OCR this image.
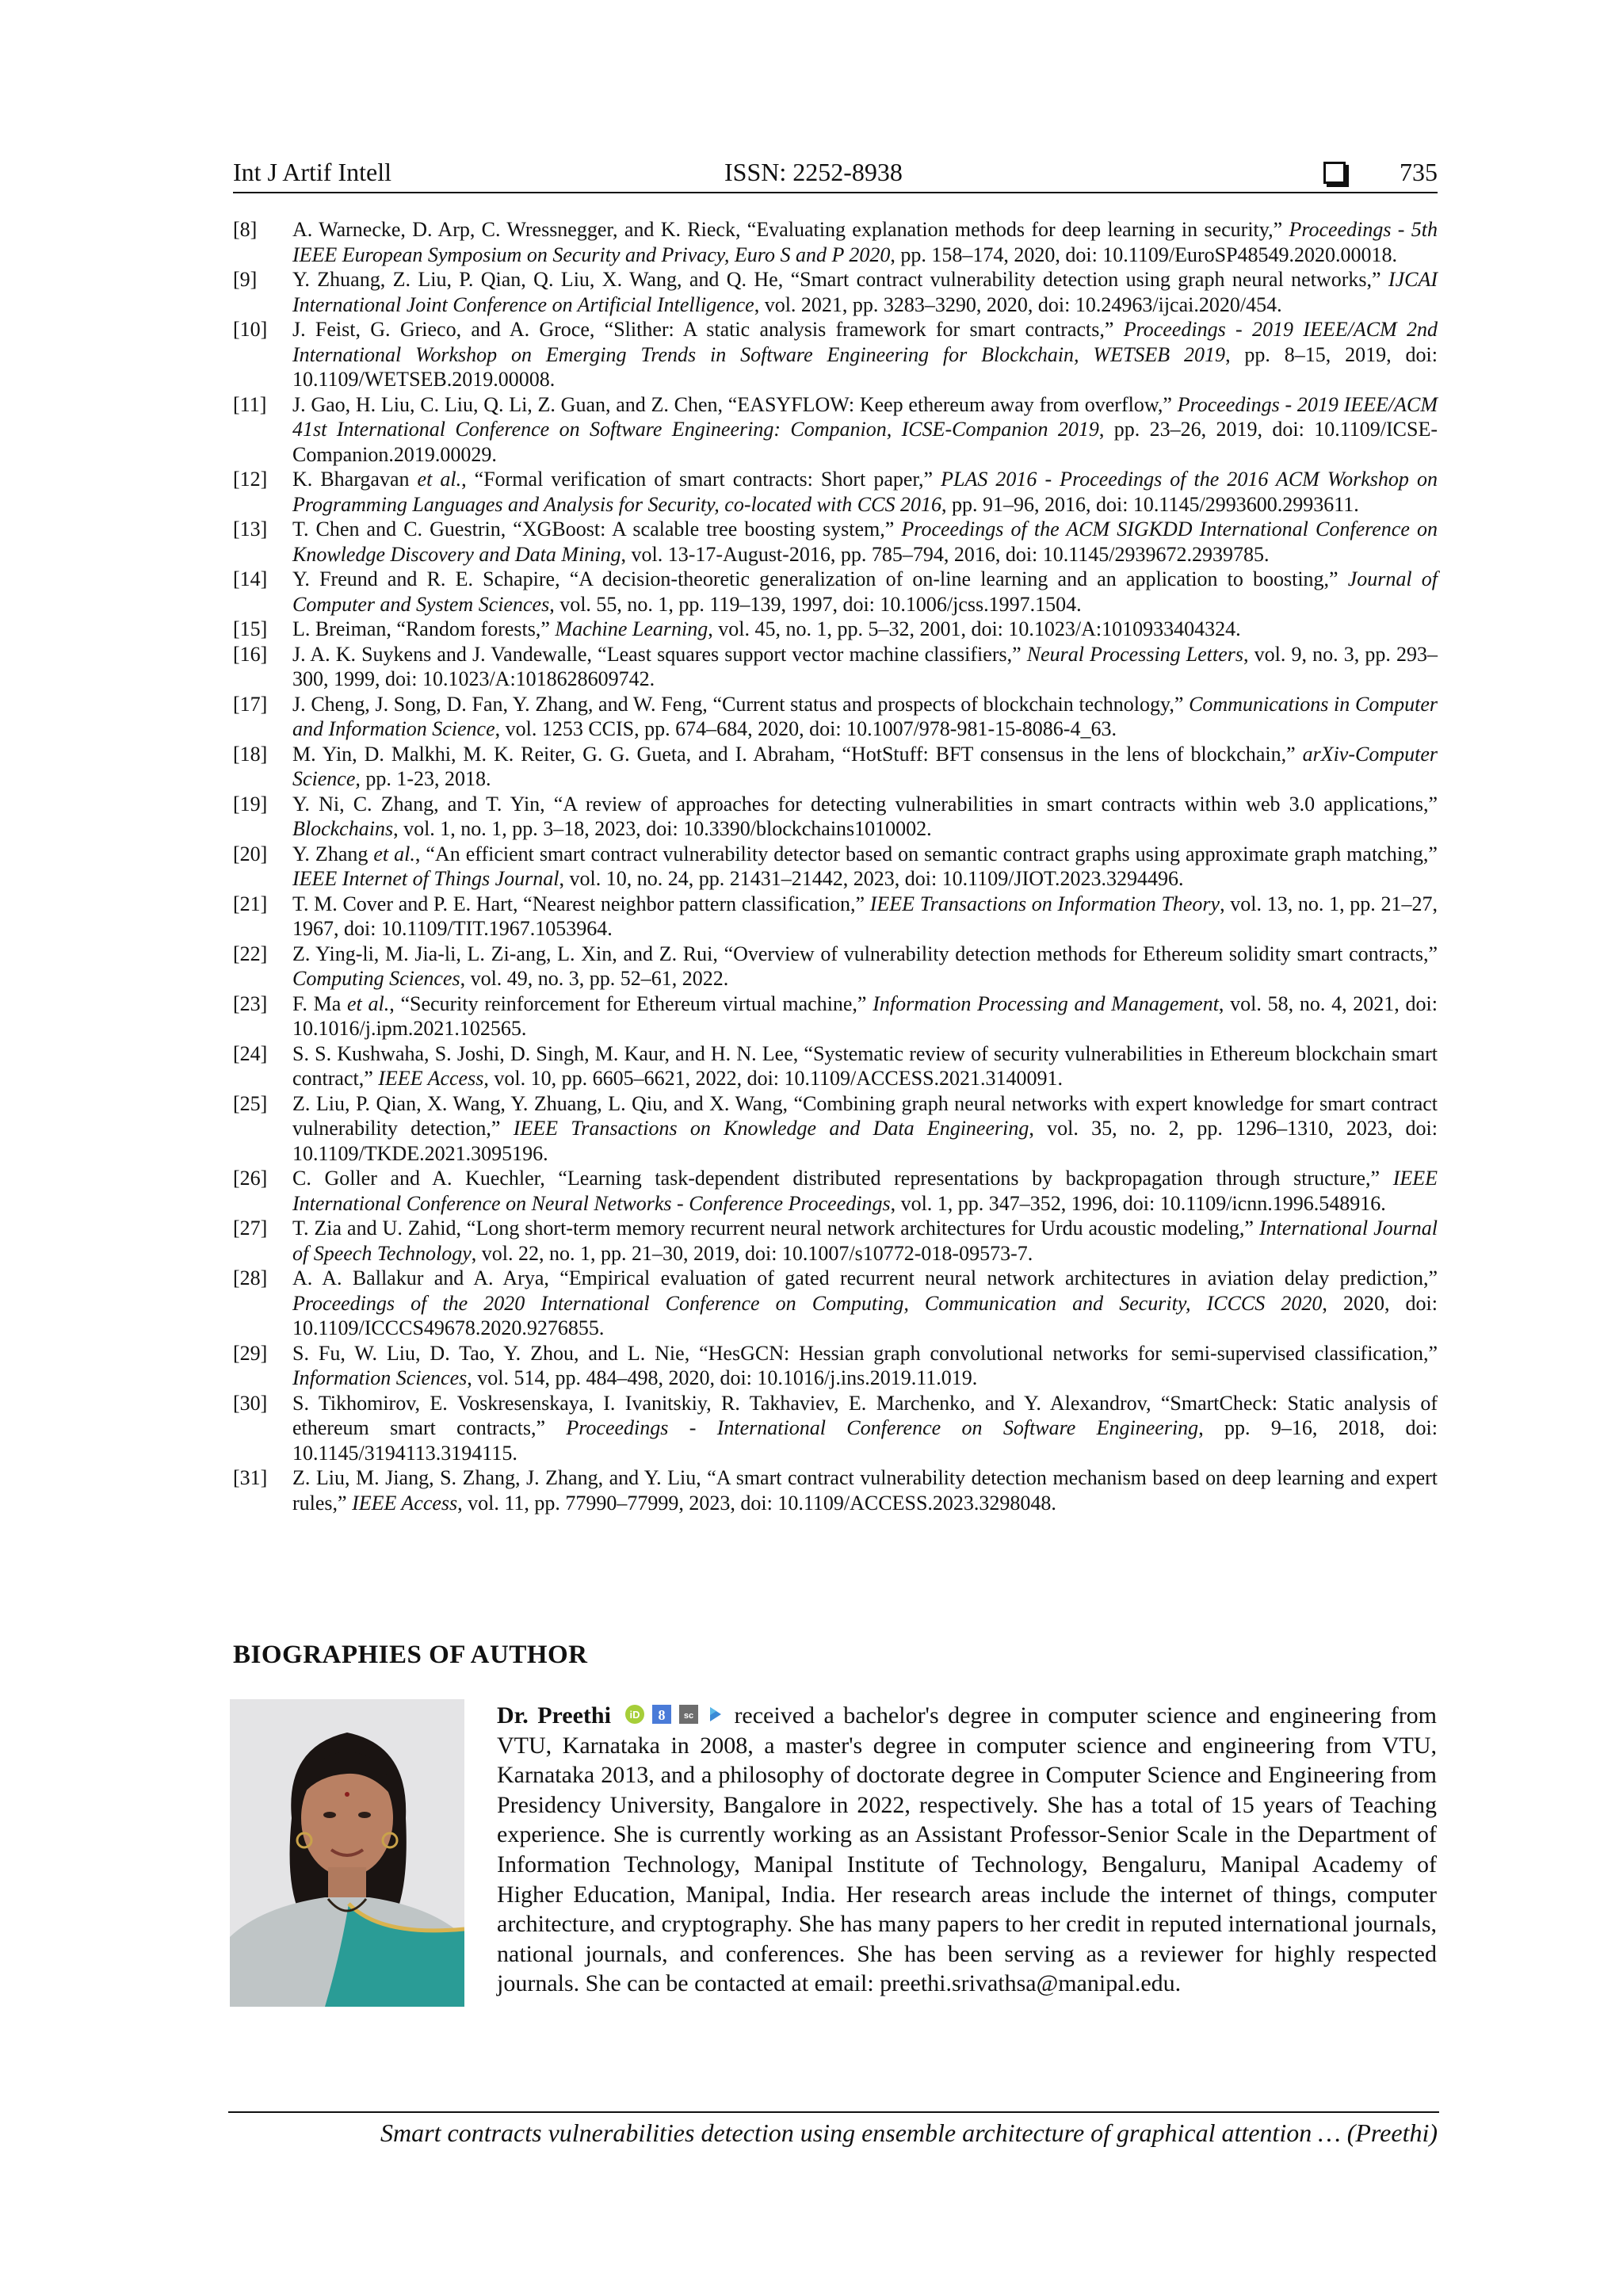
Int J Artif Intell	ISSN: 2252-8938	735
[8] A. Warnecke, D. Arp, C. Wressnegger, and K. Rieck, “Evaluating explanation methods for deep learning in security,” Proceedings - 5th IEEE European Symposium on Security and Privacy, Euro S and P 2020, pp. 158–174, 2020, doi: 10.1109/EuroSP48549.2020.00018.
[9] Y. Zhuang, Z. Liu, P. Qian, Q. Liu, X. Wang, and Q. He, “Smart contract vulnerability detection using graph neural networks,” IJCAI International Joint Conference on Artificial Intelligence, vol. 2021, pp. 3283–3290, 2020, doi: 10.24963/ijcai.2020/454.
[10] J. Feist, G. Grieco, and A. Groce, “Slither: A static analysis framework for smart contracts,” Proceedings - 2019 IEEE/ACM 2nd International Workshop on Emerging Trends in Software Engineering for Blockchain, WETSEB 2019, pp. 8–15, 2019, doi: 10.1109/WETSEB.2019.00008.
[11] J. Gao, H. Liu, C. Liu, Q. Li, Z. Guan, and Z. Chen, “EASYFLOW: Keep ethereum away from overflow,” Proceedings - 2019 IEEE/ACM 41st International Conference on Software Engineering: Companion, ICSE-Companion 2019, pp. 23–26, 2019, doi: 10.1109/ICSE-Companion.2019.00029.
[12] K. Bhargavan et al., “Formal verification of smart contracts: Short paper,” PLAS 2016 - Proceedings of the 2016 ACM Workshop on Programming Languages and Analysis for Security, co-located with CCS 2016, pp. 91–96, 2016, doi: 10.1145/2993600.2993611.
[13] T. Chen and C. Guestrin, “XGBoost: A scalable tree boosting system,” Proceedings of the ACM SIGKDD International Conference on Knowledge Discovery and Data Mining, vol. 13-17-August-2016, pp. 785–794, 2016, doi: 10.1145/2939672.2939785.
[14] Y. Freund and R. E. Schapire, “A decision-theoretic generalization of on-line learning and an application to boosting,” Journal of Computer and System Sciences, vol. 55, no. 1, pp. 119–139, 1997, doi: 10.1006/jcss.1997.1504.
[15] L. Breiman, “Random forests,” Machine Learning, vol. 45, no. 1, pp. 5–32, 2001, doi: 10.1023/A:1010933404324.
[16] J. A. K. Suykens and J. Vandewalle, “Least squares support vector machine classifiers,” Neural Processing Letters, vol. 9, no. 3, pp. 293–300, 1999, doi: 10.1023/A:1018628609742.
[17] J. Cheng, J. Song, D. Fan, Y. Zhang, and W. Feng, “Current status and prospects of blockchain technology,” Communications in Computer and Information Science, vol. 1253 CCIS, pp. 674–684, 2020, doi: 10.1007/978-981-15-8086-4_63.
[18] M. Yin, D. Malkhi, M. K. Reiter, G. G. Gueta, and I. Abraham, “HotStuff: BFT consensus in the lens of blockchain,” arXiv-Computer Science, pp. 1-23, 2018.
[19] Y. Ni, C. Zhang, and T. Yin, “A review of approaches for detecting vulnerabilities in smart contracts within web 3.0 applications,” Blockchains, vol. 1, no. 1, pp. 3–18, 2023, doi: 10.3390/blockchains1010002.
[20] Y. Zhang et al., “An efficient smart contract vulnerability detector based on semantic contract graphs using approximate graph matching,” IEEE Internet of Things Journal, vol. 10, no. 24, pp. 21431–21442, 2023, doi: 10.1109/JIOT.2023.3294496.
[21] T. M. Cover and P. E. Hart, “Nearest neighbor pattern classification,” IEEE Transactions on Information Theory, vol. 13, no. 1, pp. 21–27, 1967, doi: 10.1109/TIT.1967.1053964.
[22] Z. Ying-li, M. Jia-li, L. Zi-ang, L. Xin, and Z. Rui, “Overview of vulnerability detection methods for Ethereum solidity smart contracts,” Computing Sciences, vol. 49, no. 3, pp. 52–61, 2022.
[23] F. Ma et al., “Security reinforcement for Ethereum virtual machine,” Information Processing and Management, vol. 58, no. 4, 2021, doi: 10.1016/j.ipm.2021.102565.
[24] S. S. Kushwaha, S. Joshi, D. Singh, M. Kaur, and H. N. Lee, “Systematic review of security vulnerabilities in Ethereum blockchain smart contract,” IEEE Access, vol. 10, pp. 6605–6621, 2022, doi: 10.1109/ACCESS.2021.3140091.
[25] Z. Liu, P. Qian, X. Wang, Y. Zhuang, L. Qiu, and X. Wang, “Combining graph neural networks with expert knowledge for smart contract vulnerability detection,” IEEE Transactions on Knowledge and Data Engineering, vol. 35, no. 2, pp. 1296–1310, 2023, doi: 10.1109/TKDE.2021.3095196.
[26] C. Goller and A. Kuechler, “Learning task-dependent distributed representations by backpropagation through structure,” IEEE International Conference on Neural Networks - Conference Proceedings, vol. 1, pp. 347–352, 1996, doi: 10.1109/icnn.1996.548916.
[27] T. Zia and U. Zahid, “Long short-term memory recurrent neural network architectures for Urdu acoustic modeling,” International Journal of Speech Technology, vol. 22, no. 1, pp. 21–30, 2019, doi: 10.1007/s10772-018-09573-7.
[28] A. A. Ballakur and A. Arya, “Empirical evaluation of gated recurrent neural network architectures in aviation delay prediction,” Proceedings of the 2020 International Conference on Computing, Communication and Security, ICCCS 2020, 2020, doi: 10.1109/ICCCS49678.2020.9276855.
[29] S. Fu, W. Liu, D. Tao, Y. Zhou, and L. Nie, “HesGCN: Hessian graph convolutional networks for semi-supervised classification,” Information Sciences, vol. 514, pp. 484–498, 2020, doi: 10.1016/j.ins.2019.11.019.
[30] S. Tikhomirov, E. Voskresenskaya, I. Ivanitskiy, R. Takhaviev, E. Marchenko, and Y. Alexandrov, “SmartCheck: Static analysis of ethereum smart contracts,” Proceedings - International Conference on Software Engineering, pp. 9–16, 2018, doi: 10.1145/3194113.3194115.
[31] Z. Liu, M. Jiang, S. Zhang, J. Zhang, and Y. Liu, “A smart contract vulnerability detection mechanism based on deep learning and expert rules,” IEEE Access, vol. 11, pp. 77990–77999, 2023, doi: 10.1109/ACCESS.2023.3298048.
BIOGRAPHIES OF AUTHOR
Dr. Preethi iD 8 sc received a bachelor's degree in computer science and engineering from VTU, Karnataka in 2008, a master's degree in computer science and engineering from VTU, Karnataka 2013, and a philosophy of doctorate degree in Computer Science and Engineering from Presidency University, Bangalore in 2022, respectively. She has a total of 15 years of Teaching experience. She is currently working as an Assistant Professor-Senior Scale in the Department of Information Technology, Manipal Institute of Technology, Bengaluru, Manipal Academy of Higher Education, Manipal, India. Her research areas include the internet of things, computer architecture, and cryptography. She has many papers to her credit in reputed international journals, national journals, and conferences. She has been serving as a reviewer for highly respected journals. She can be contacted at email: preethi.srivathsa@manipal.edu.
Smart contracts vulnerabilities detection using ensemble architecture of graphical attention … (Preethi)
